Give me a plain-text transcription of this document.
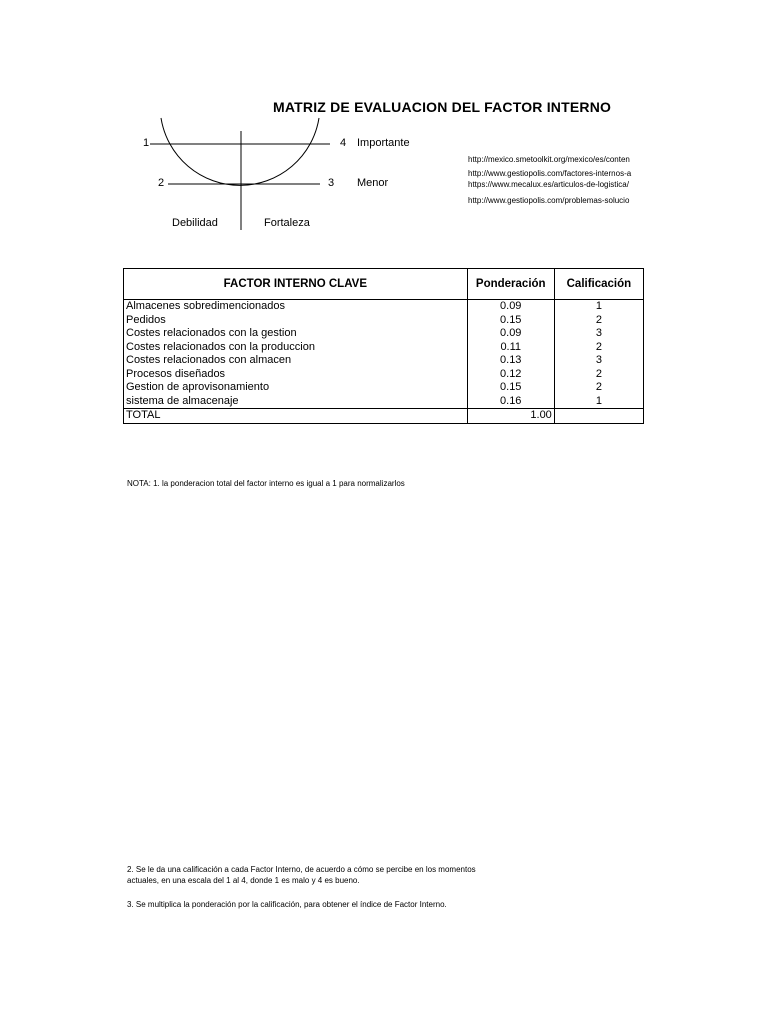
MATRIZ DE EVALUACION DEL FACTOR INTERNO
1	4 Importante
2	3 Menor
Debilidad	Fortaleza
http://mexico.smetoolkit.org/mexico/es/conten
http://www.gestiopolis.com/factores-internos-a
https://www.mecalux.es/articulos-de-logistica/
http://www.gestiopolis.com/problemas-solucio
FACTOR INTERNO CLAVE	Ponderación	Calificación
Almacenes sobredimencionados	0.09	1
Pedidos	0.15	2
Costes relacionados con la gestion	0.09	3
Costes relacionados con la produccion	0.11	2
Costes relacionados con almacen	0.13	3
Procesos diseñados	0.12	2
Gestion de aprovisonamiento	0.15	2
sistema de almacenaje	0.16	1
TOTAL	1.00	
NOTA: 1. la ponderacion total del factor interno es igual a 1 para normalizarlos
2. Se le da una calificación a cada Factor Interno, de acuerdo a cómo se percibe en los momentos actuales, en una escala del 1 al 4, donde 1 es malo y 4 es bueno.
3. Se multiplica la ponderación por la calificación, para obtener el índice de Factor Interno.
